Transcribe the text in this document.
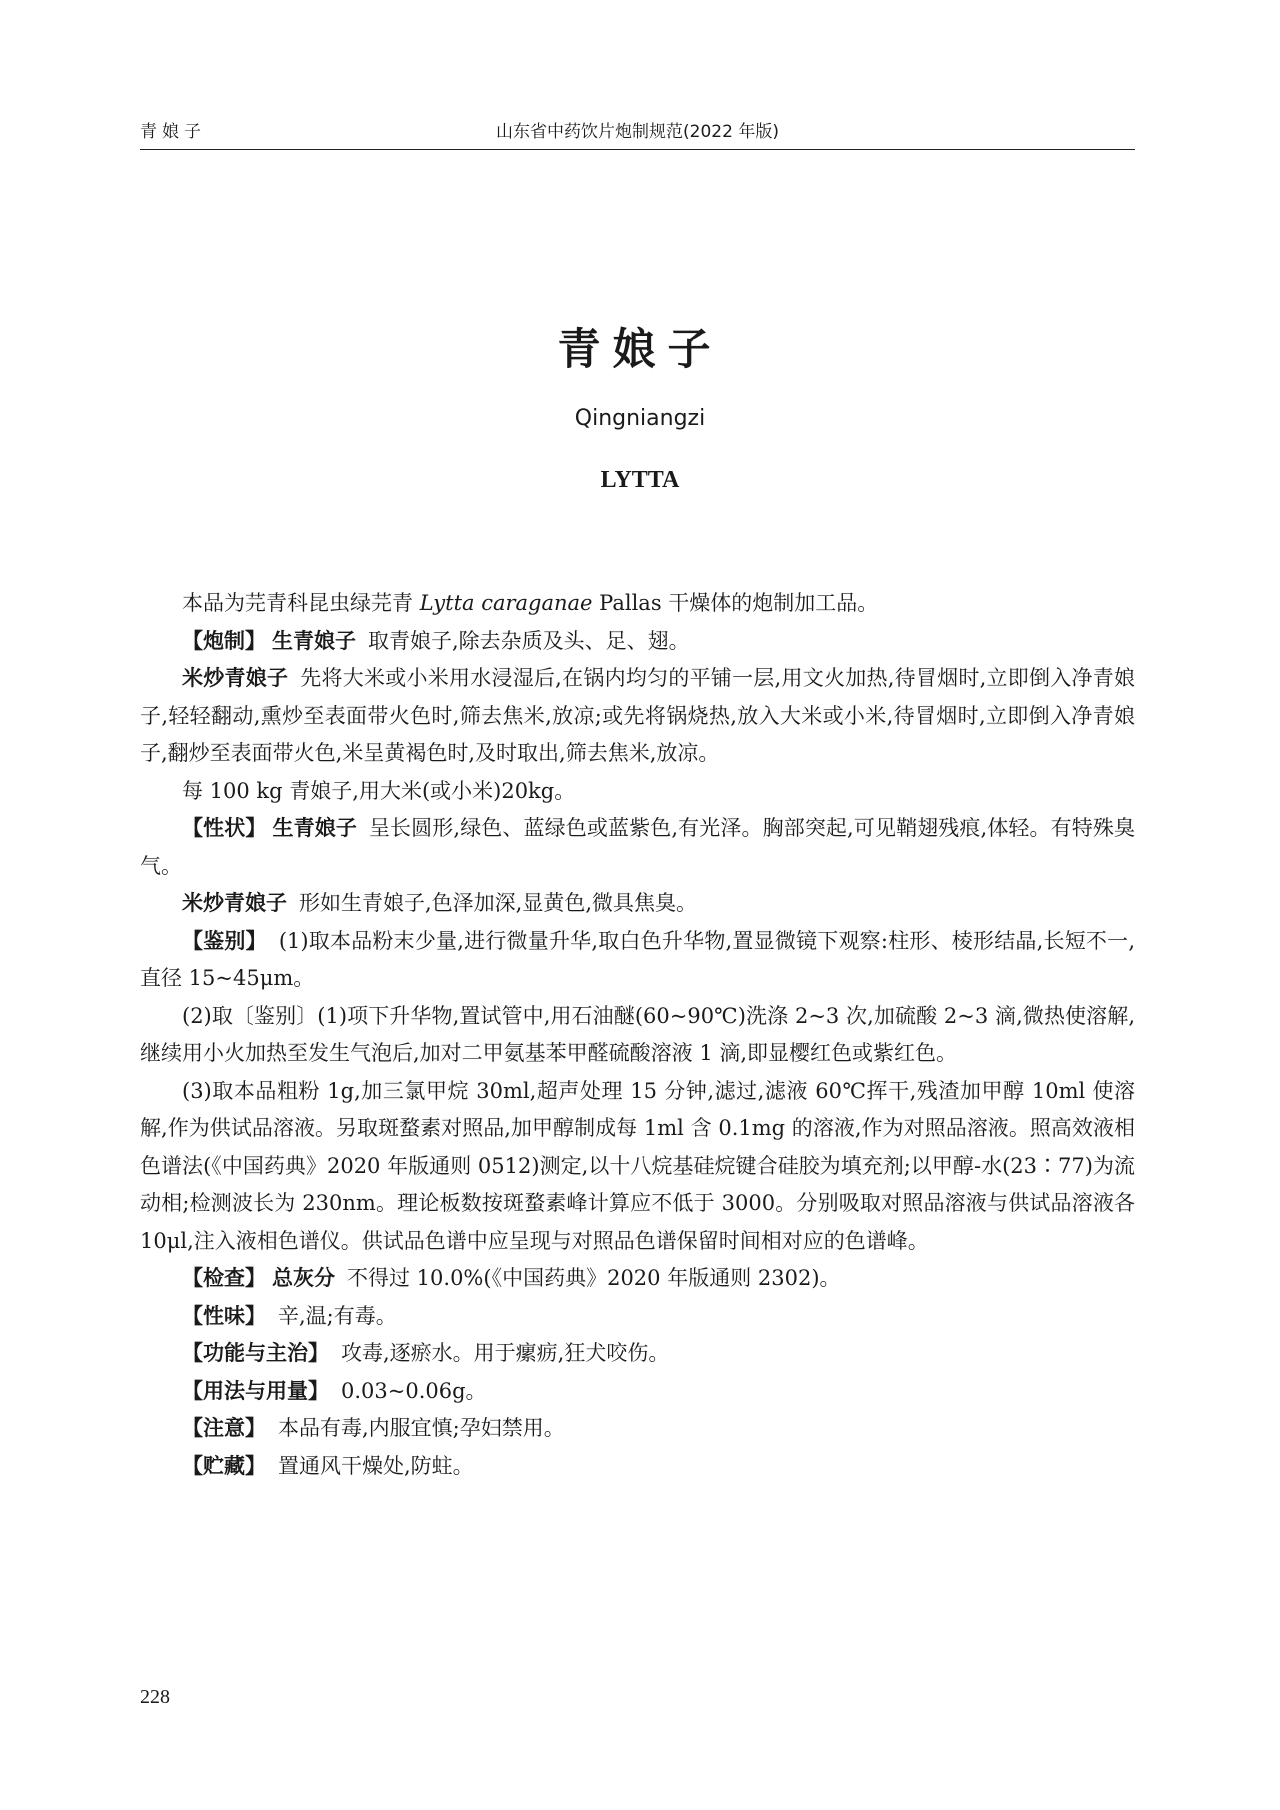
青娘子	山东省中药饮片炮制规范(2022 年版)
青娘子
Qingniangzi
LYTTA

本品为芫青科昆虫绿芫青 Lytta caraganae Pallas 干燥体的炮制加工品。

【炮制】 生青娘子 取青娘子,除去杂质及头、足、翅。

米炒青娘子 先将大米或小米用水浸湿后,在锅内均匀的平铺一层,用文火加热,待冒烟时,立即倒入净青娘子,轻轻翻动,熏炒至表面带火色时,筛去焦米,放凉;或先将锅烧热,放入大米或小米,待冒烟时,立即倒入净青娘子,翻炒至表面带火色,米呈黄褐色时,及时取出,筛去焦米,放凉。

每 100 kg 青娘子,用大米(或小米)20kg。

【性状】 生青娘子 呈长圆形,绿色、蓝绿色或蓝紫色,有光泽。胸部突起,可见鞘翅残痕,体轻。有特殊臭气。

米炒青娘子 形如生青娘子,色泽加深,显黄色,微具焦臭。

【鉴别】 (1)取本品粉末少量,进行微量升华,取白色升华物,置显微镜下观察:柱形、棱形结晶,长短不一,直径 15~45μm。

(2)取〔鉴别〕(1)项下升华物,置试管中,用石油醚(60~90℃)洗涤 2~3 次,加硫酸 2~3 滴,微热使溶解,继续用小火加热至发生气泡后,加对二甲氨基苯甲醛硫酸溶液 1 滴,即显樱红色或紫红色。

(3)取本品粗粉 1g,加三氯甲烷 30ml,超声处理 15 分钟,滤过,滤液 60℃挥干,残渣加甲醇 10ml 使溶解,作为供试品溶液。另取斑蝥素对照品,加甲醇制成每 1ml 含 0.1mg 的溶液,作为对照品溶液。照高效液相色谱法(《中国药典》2020 年版通则 0512)测定,以十八烷基硅烷键合硅胶为填充剂;以甲醇-水(23∶77)为流动相;检测波长为 230nm。理论板数按斑蝥素峰计算应不低于 3000。分别吸取对照品溶液与供试品溶液各 10μl,注入液相色谱仪。供试品色谱中应呈现与对照品色谱保留时间相对应的色谱峰。

【检查】 总灰分 不得过 10.0%(《中国药典》2020 年版通则 2302)。

【性味】 辛,温;有毒。

【功能与主治】 攻毒,逐瘀水。用于瘰疬,狂犬咬伤。

【用法与用量】 0.03~0.06g。

【注意】 本品有毒,内服宜慎;孕妇禁用。

【贮藏】 置通风干燥处,防蛀。

228
